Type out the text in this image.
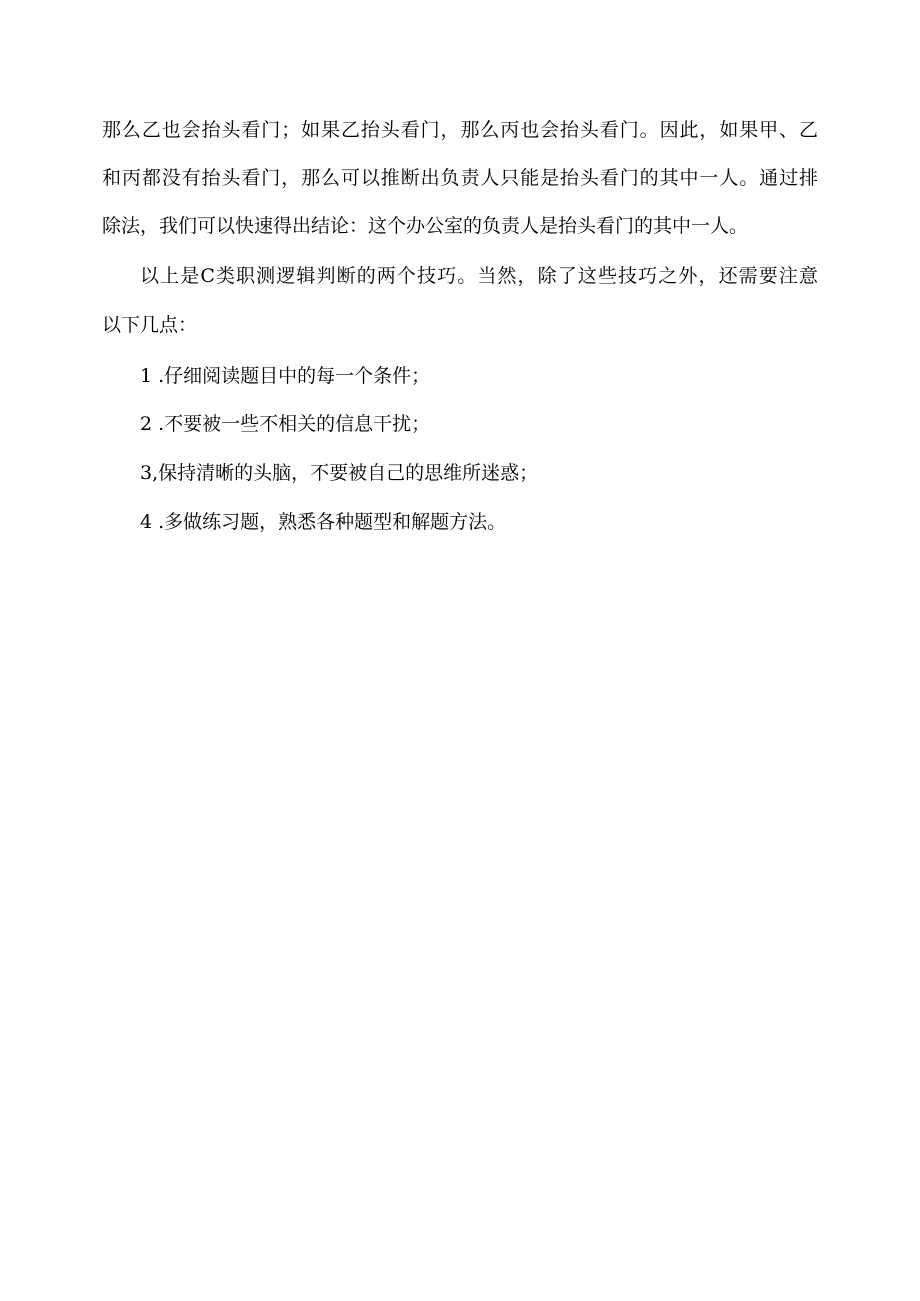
那么乙也会抬头看门；如果乙抬头看门，那么丙也会抬头看门。因此，如果甲、乙

和丙都没有抬头看门，那么可以推断出负责人只能是抬头看门的其中一人。通过排

除法，我们可以快速得出结论：这个办公室的负责人是抬头看门的其中一人。

以上是C类职测逻辑判断的两个技巧。当然，除了这些技巧之外，还需要注意

以下几点：

1 .仔细阅读题目中的每一个条件；

2 .不要被一些不相关的信息干扰；

3,保持清晰的头脑，不要被自己的思维所迷惑；

4 .多做练习题，熟悉各种题型和解题方法。
